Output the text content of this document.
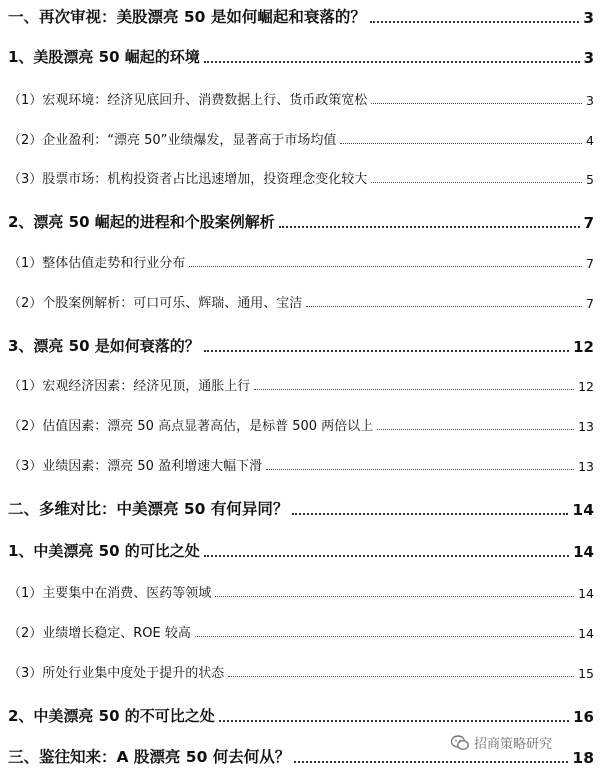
一、再次审视：美股漂亮 50 是如何崛起和衰落的？	3
1、美股漂亮 50 崛起的环境	3
（1）宏观环境：经济见底回升、消费数据上行、货币政策宽松	3
（2）企业盈利：“漂亮 50”业绩爆发，显著高于市场均值	4
（3）股票市场：机构投资者占比迅速增加，投资理念变化较大	5
2、漂亮 50 崛起的进程和个股案例解析	7
（1）整体估值走势和行业分布	7
（2）个股案例解析：可口可乐、辉瑞、通用、宝洁	7
3、漂亮 50 是如何衰落的？	12
（1）宏观经济因素：经济见顶，通胀上行	12
（2）估值因素：漂亮 50 高点显著高估，是标普 500 两倍以上	13
（3）业绩因素：漂亮 50 盈利增速大幅下滑	13
二、多维对比：中美漂亮 50 有何异同？	14
1、中美漂亮 50 的可比之处	14
（1）主要集中在消费、医药等领域	14
（2）业绩增长稳定、ROE 较高	14
（3）所处行业集中度处于提升的状态	15
2、中美漂亮 50 的不可比之处	16
三、鉴往知来：A 股漂亮 50 何去何从？	18
招商策略研究
